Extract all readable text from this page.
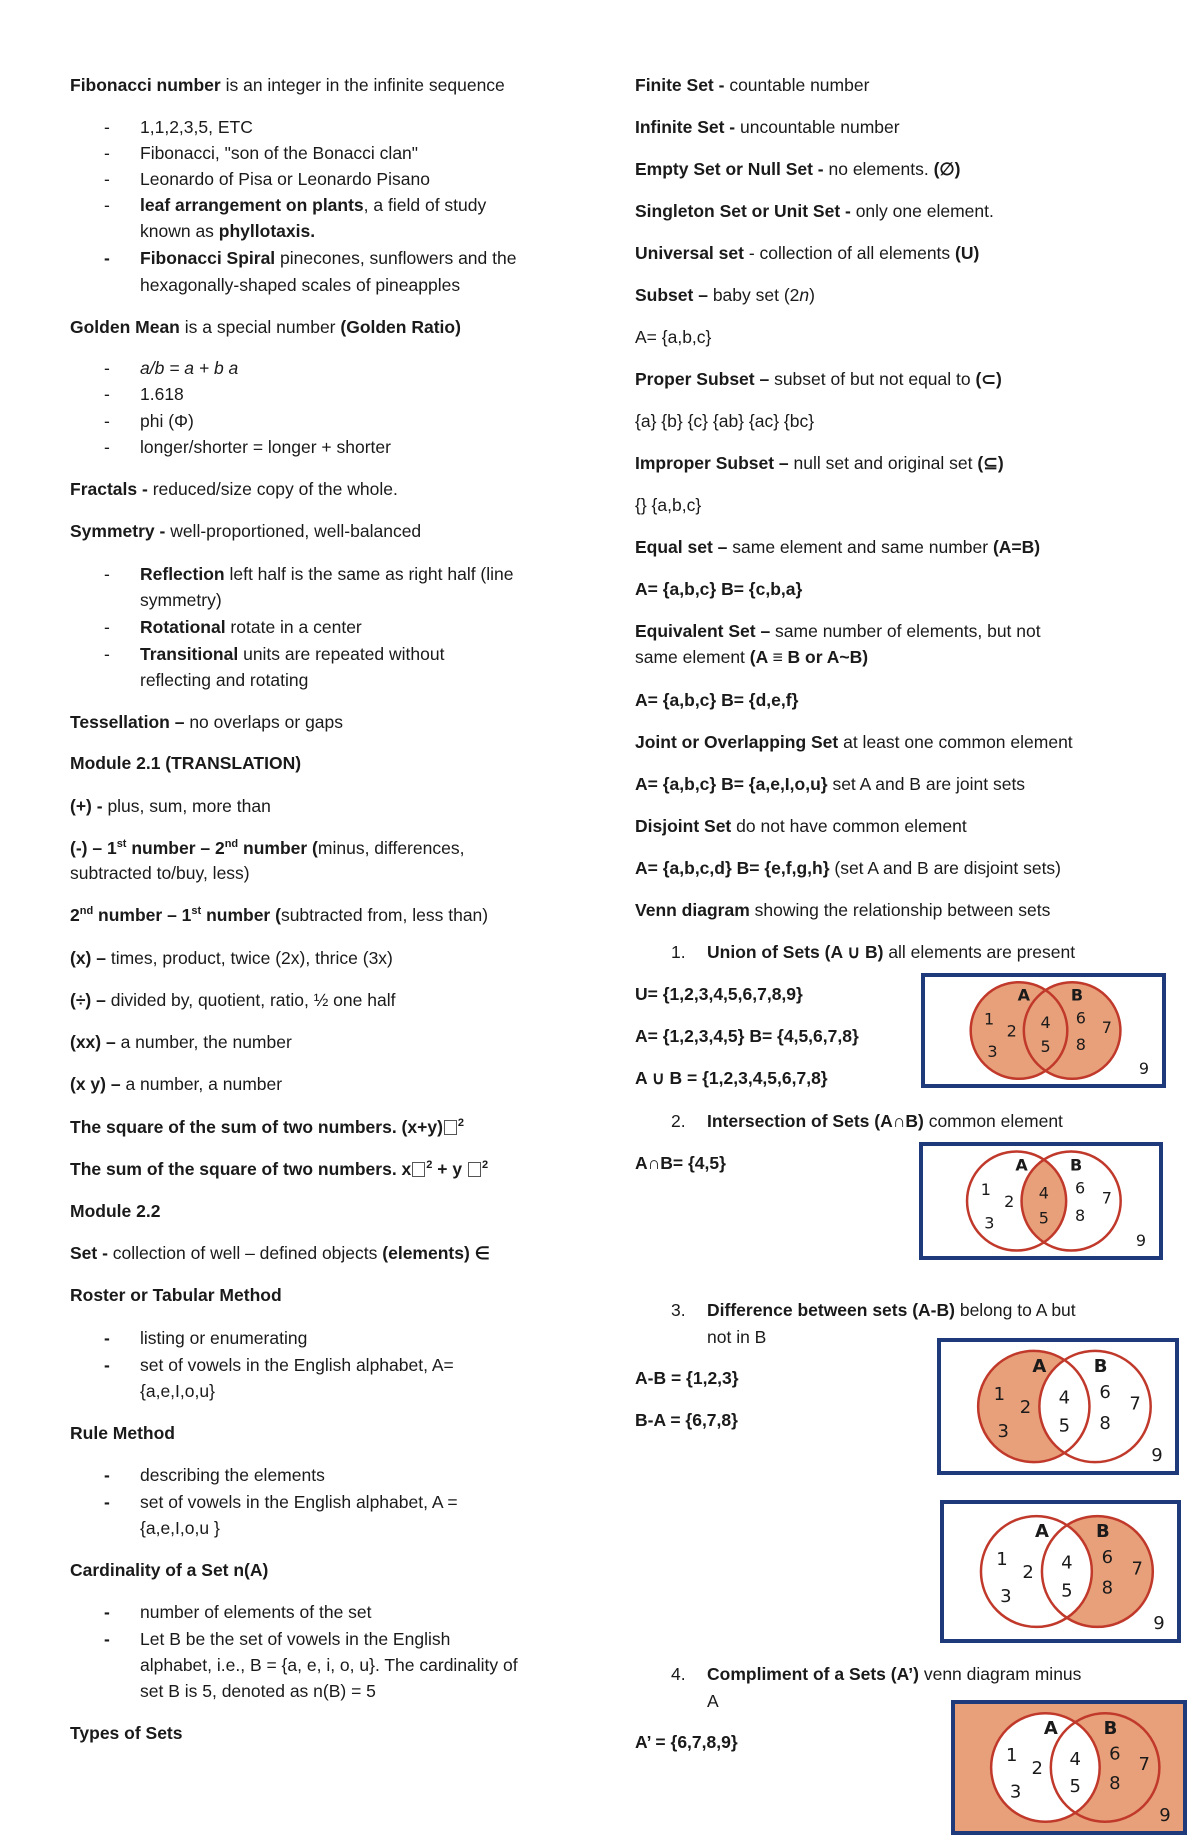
Fibonacci number is an integer in the infinite sequence
- 1,1,2,3,5, ETC
- Fibonacci, "son of the Bonacci clan"
- Leonardo of Pisa or Leonardo Pisano
- leaf arrangement on plants, a field of study
known as phyllotaxis.
- Fibonacci Spiral pinecones, sunflowers and the
hexagonally-shaped scales of pineapples
Golden Mean is a special number (Golden Ratio)
- a/b = a + b a
- 1.618
- phi (Φ)
- longer/shorter = longer + shorter
Fractals - reduced/size copy of the whole.
Symmetry - well-proportioned, well-balanced
- Reflection left half is the same as right half (line
symmetry)
- Rotational rotate in a center
- Transitional units are repeated without
reflecting and rotating
Tessellation – no overlaps or gaps
Module 2.1 (TRANSLATION)
(+) - plus, sum, more than
(-) – 1st number – 2nd number (minus, differences,
subtracted to/buy, less)
2nd number – 1st number (subtracted from, less than)
(x) – times, product, twice (2x), thrice (3x)
(÷) – divided by, quotient, ratio, ½ one half
(xx) – a number, the number
(x y) – a number, a number
The square of the sum of two numbers. (x+y) $^2$
The sum of the square of two numbers. x $^2$ + y $^2$
Module 2.2
Set - collection of well – defined objects (elements) ∈
Roster or Tabular Method
- listing or enumerating
- set of vowels in the English alphabet, A=
{a,e,I,o,u}
Rule Method
- describing the elements
- set of vowels in the English alphabet, A =
{a,e,I,o,u }
Cardinality of a Set n(A)
- number of elements of the set
- Let B be the set of vowels in the English
alphabet, i.e., B = {a, e, i, o, u}. The cardinality of
set B is 5, denoted as n(B) = 5
Types of Sets
Finite Set - countable number
Infinite Set - uncountable number
Empty Set or Null Set - no elements. (∅)
Singleton Set or Unit Set - only one element.
Universal set - collection of all elements (U)
Subset – baby set (2n)
A= {a,b,c}
Proper Subset – subset of but not equal to (⊂)
{a} {b} {c} {ab} {ac} {bc}
Improper Subset – null set and original set (⊆)
{} {a,b,c}
Equal set – same element and same number (A=B)
A= {a,b,c} B= {c,b,a}
Equivalent Set – same number of elements, but not
same element (A ≡ B or A~B)
A= {a,b,c} B= {d,e,f}
Joint or Overlapping Set at least one common element
A= {a,b,c} B= {a,e,I,o,u} set A and B are joint sets
Disjoint Set do not have common element
A= {a,b,c,d} B= {e,f,g,h} (set A and B are disjoint sets)
Venn diagram showing the relationship between sets
1. Union of Sets (A ∪ B) all elements are present
U= {1,2,3,4,5,6,7,8,9}
A= {1,2,3,4,5} B= {4,5,6,7,8}
A ∪ B = {1,2,3,4,5,6,7,8}
2. Intersection of Sets (A∩B) common element
A∩B= {4,5}
3. Difference between sets (A-B) belong to A but
not in B
A-B = {1,2,3}
B-A = {6,7,8}
4. Compliment of a Sets (A’) venn diagram minus
A
A’ = {6,7,8,9}
A	B
1
2
3
4
5
6
7
8
9
A	B
1
2
3
4
5
6
7
8
9
A	B
1
2
3
4
5
6
7
8
9
A	B
1
2
3
4
5
6
7
8
9
A	B
1
2
3
4
5
6
7
8
9
